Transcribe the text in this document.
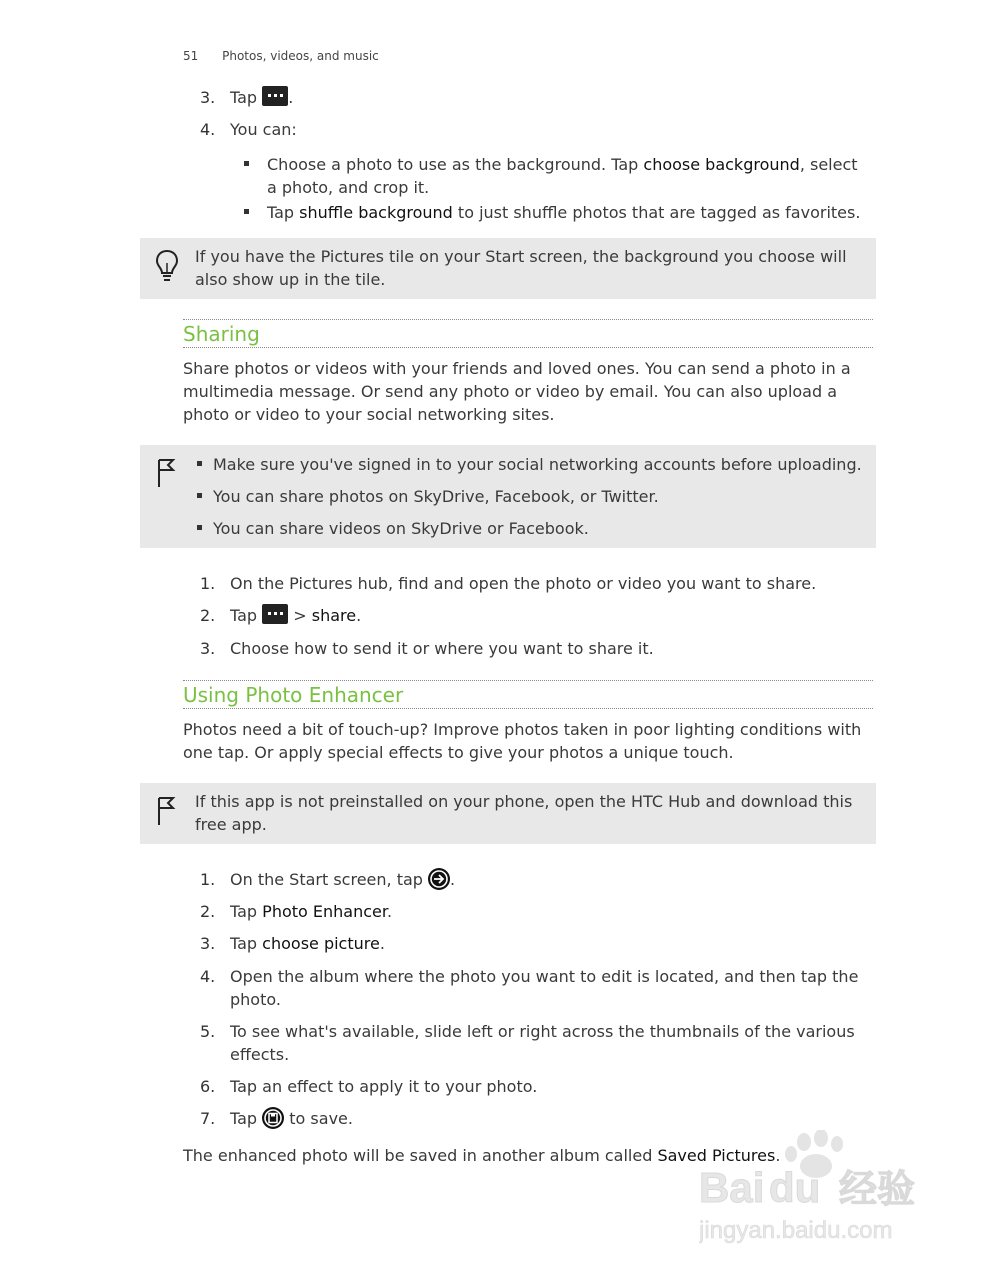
51 Photos, videos, and music
3. Tap .
4. You can:
Choose a photo to use as the background. Tap choose background, select a photo, and crop it.
Tap shuffle background to just shuffle photos that are tagged as favorites.
If you have the Pictures tile on your Start screen, the background you choose will also show up in the tile.
Sharing
Share photos or videos with your friends and loved ones. You can send a photo in a multimedia message. Or send any photo or video by email. You can also upload a photo or video to your social networking sites.
Make sure you've signed in to your social networking accounts before uploading.
You can share photos on SkyDrive, Facebook, or Twitter.
You can share videos on SkyDrive or Facebook.
1. On the Pictures hub, find and open the photo or video you want to share.
2. Tap
> share.
3. Choose how to send it or where you want to share it.
Using Photo Enhancer
Photos need a bit of touch-up? Improve photos taken in poor lighting conditions with one tap. Or apply special effects to give your photos a unique touch.
If this app is not preinstalled on your phone, open the HTC Hub and download this free app.
1. On the Start screen, tap .
2. Tap Photo Enhancer.
3. Tap choose picture.
4. Open the album where the photo you want to edit is located, and then tap the photo.
5. To see what's available, slide left or right across the thumbnails of the various effects.
6. Tap an effect to apply it to your photo.
7. Tap  to save.
The enhanced photo will be saved in another album called Saved Pictures.
Bai du 经验
jingyan.baidu.com
